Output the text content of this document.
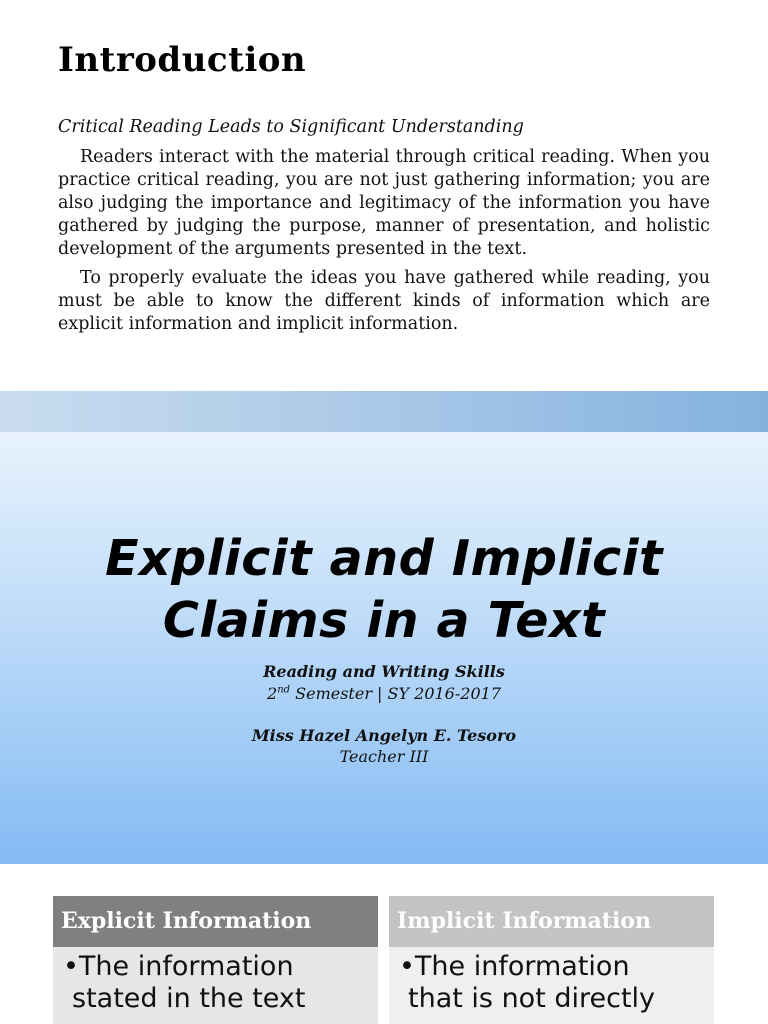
Introduction

Critical Reading Leads to Significant Understanding

Readers interact with the material through critical reading. When you practice critical reading, you are not just gathering information; you are also judging the importance and legitimacy of the information you have gathered by judging the purpose, manner of presentation, and holistic development of the arguments presented in the text.

To properly evaluate the ideas you have gathered while reading, you must be able to know the different kinds of information which are explicit information and implicit information.

Explicit and Implicit
Claims in a Text
Reading and Writing Skills
2nd Semester | SY 2016-2017
Miss Hazel Angelyn E. Tesoro
Teacher III
Explicit Information
•The information
stated in the text
Implicit Information
•The information
that is not directly
